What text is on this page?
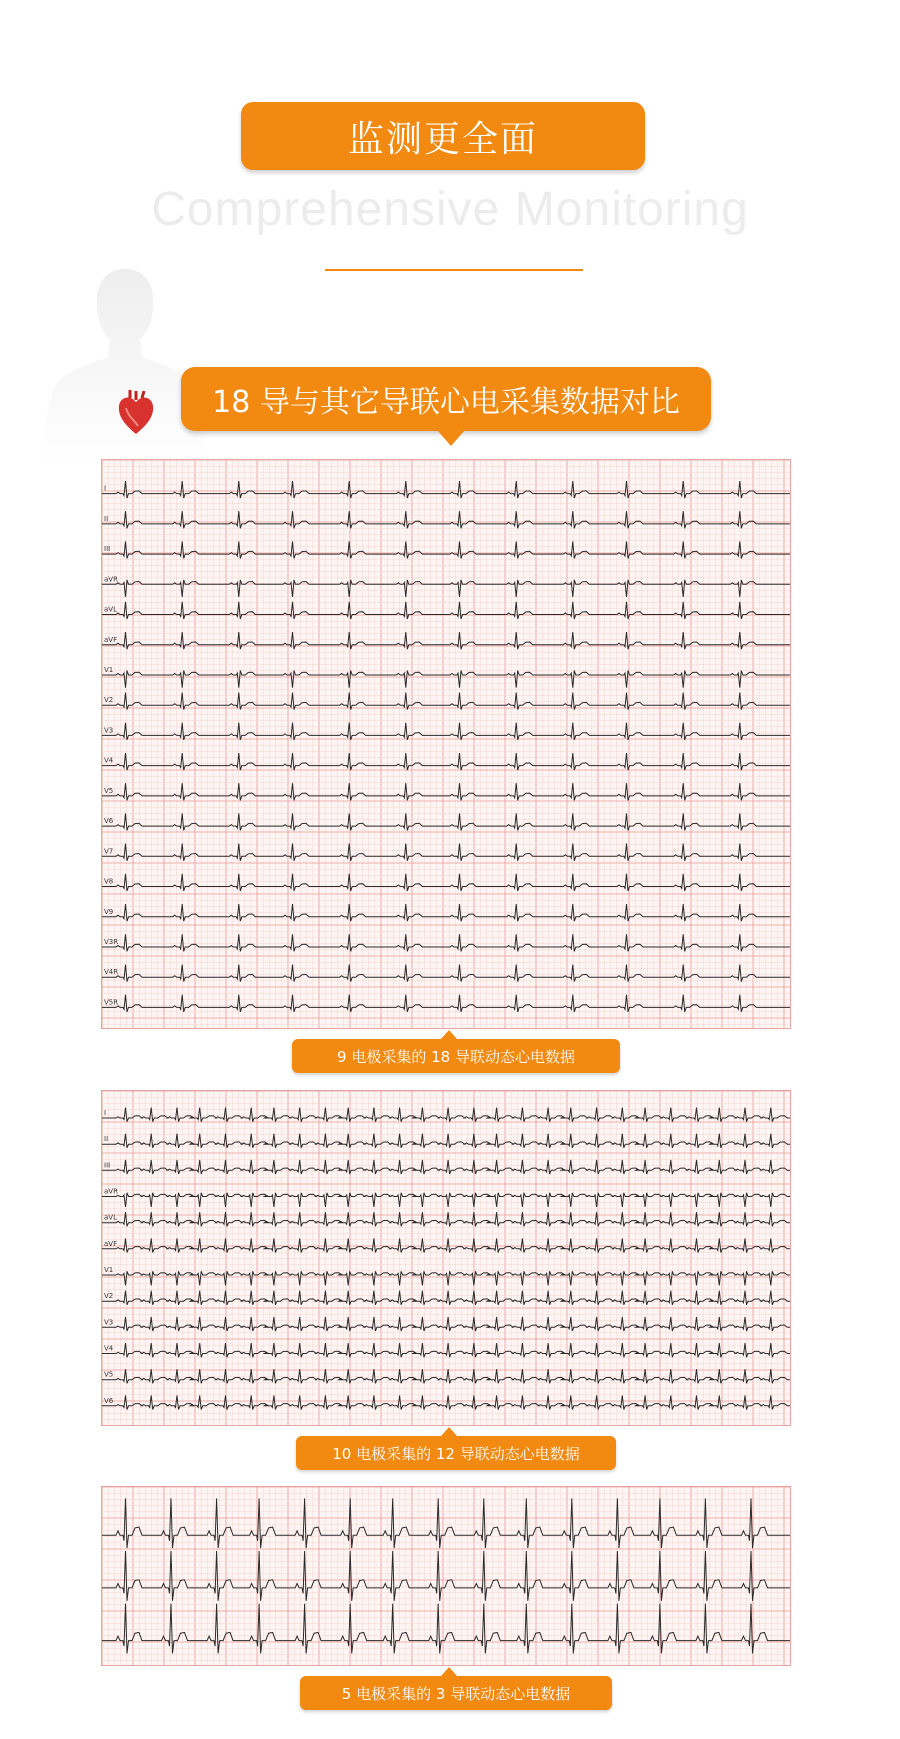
监测更全面
Comprehensive Monitoring
18 导与其它导联心电采集数据对比
I
II
III
aVR
aVL
aVF
V1
V2
V3
V4
V5
V6
V7
V8
V9
V3R
V4R
V5R
9 电极采集的 18 导联动态心电数据
I
II
III
aVR
aVL
aVF
V1
V2
V3
V4
V5
V6
10 电极采集的 12 导联动态心电数据
5 电极采集的 3 导联动态心电数据
